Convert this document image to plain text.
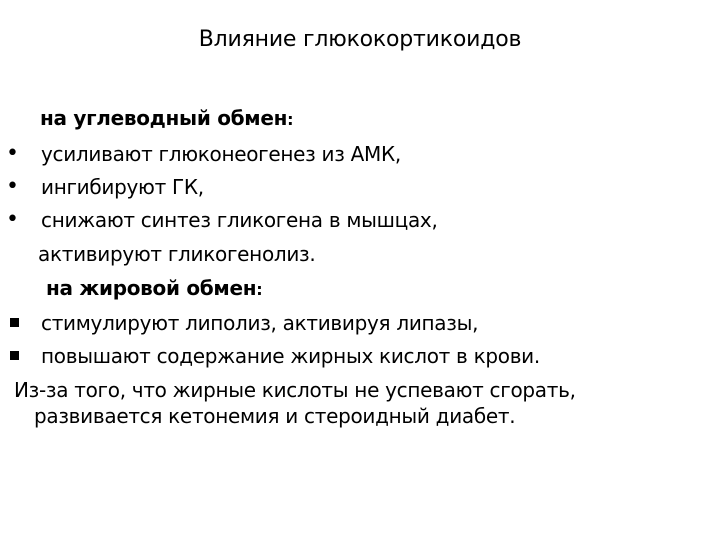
Влияние глюкокортикоидов
на углеводный обмен:
• усиливают глюконеогенез из АМК,
• ингибируют ГК,
• снижают синтез гликогена в мышцах,
активируют гликогенолиз.
на жировой обмен:
стимулируют липолиз, активируя липазы,
повышают содержание жирных кислот в крови.
Из-за того, что жирные кислоты не успевают сгорать,
развивается кетонемия и стероидный диабет.
